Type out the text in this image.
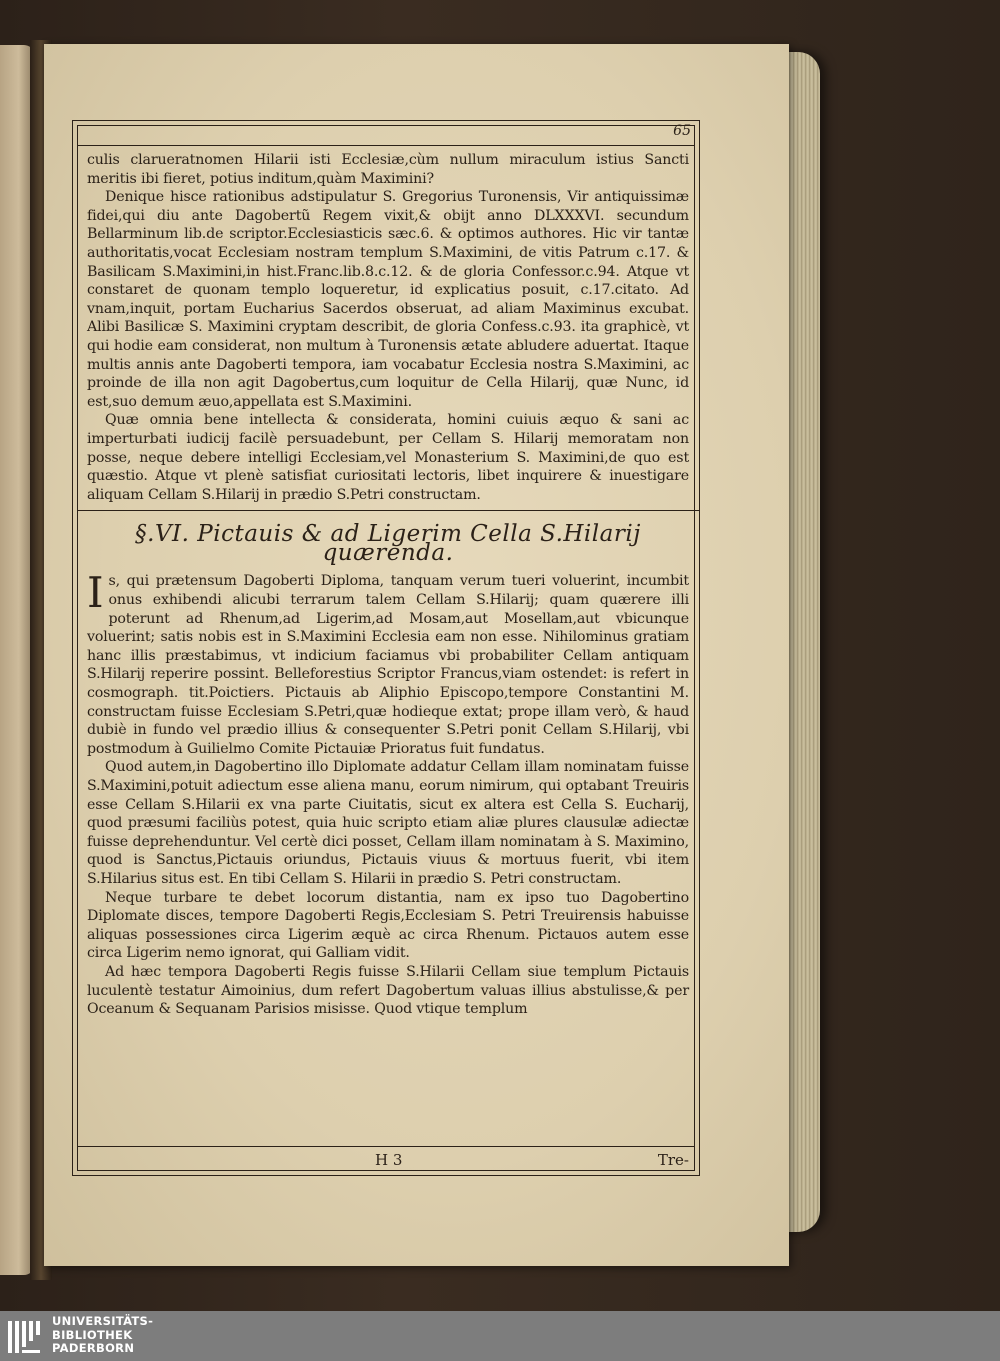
65

culis clarueratnomen Hilarii isti Ecclesiæ,cùm nullum miraculum istius Sancti meritis ibi fieret, potius inditum,quàm Maximini?

Denique hisce rationibus adstipulatur S. Gregorius Turonensis, Vir antiquissimæ fidei,qui diu ante Dagobertũ Regem vixit,& obijt anno DLXXXVI. secundum Bellarminum lib.de scriptor.Ecclesiasticis sæc.6. & optimos authores. Hic vir tantæ authoritatis,vocat Ecclesiam nostram templum S.Maximini, de vitis Patrum c.17. & Basilicam S.Maximini,in hist.Franc.lib.8.c.12. & de gloria Confessor.c.94. Atque vt constaret de quonam templo loqueretur, id explicatius posuit, c.17.citato. Ad vnam,inquit, portam Eucharius Sacerdos obseruat, ad aliam Maximinus excubat. Alibi Basilicæ S. Maximini cryptam describit, de gloria Confess.c.93. ita graphicè, vt qui hodie eam considerat, non multum à Turonensis ætate abludere aduertat. Itaque multis annis ante Dagoberti tempora, iam vocabatur Ecclesia nostra S.Maximini, ac proinde de illa non agit Dagobertus,cum loquitur de Cella Hilarij, quæ Nunc, id est,suo demum æuo,appellata est S.Maximini.

Quæ omnia bene intellecta & considerata, homini cuiuis æquo & sani ac imperturbati iudicij facilè persuadebunt, per Cellam S. Hilarij memoratam non posse, neque debere intelligi Ecclesiam,vel Monasterium S. Maximini,de quo est quæstio. Atque vt plenè satisfiat curiositati lectoris, libet inquirere & inuestigare aliquam Cellam S.Hilarij in prædio S.Petri constructam.

§.VI. Pictauis & ad Ligerim Cella S.Hilarij quærenda.

Is, qui prætensum Dagoberti Diploma, tanquam verum tueri voluerint, incumbit onus exhibendi alicubi terrarum talem Cellam S.Hilarij; quam quærere illi poterunt ad Rhenum,ad Ligerim,ad Mosam,aut Mosellam,aut vbicunque voluerint; satis nobis est in S.Maximini Ecclesia eam non esse. Nihilominus gratiam hanc illis præstabimus, vt indicium faciamus vbi probabiliter Cellam antiquam S.Hilarij reperire possint. Belleforestius Scriptor Francus,viam ostendet: is refert in cosmograph. tit.Poictiers. Pictauis ab Aliphio Episcopo,tempore Constantini M. constructam fuisse Ecclesiam S.Petri,quæ hodieque extat; prope illam verò, & haud dubiè in fundo vel prædio illius & consequenter S.Petri ponit Cellam S.Hilarij, vbi postmodum à Guilielmo Comite Pictauiæ Prioratus fuit fundatus.

Quod autem,in Dagobertino illo Diplomate addatur Cellam illam nominatam fuisse S.Maximini,potuit adiectum esse aliena manu, eorum nimirum, qui optabant Treuiris esse Cellam S.Hilarii ex vna parte Ciuitatis, sicut ex altera est Cella S. Eucharij, quod præsumi faciliùs potest, quia huic scripto etiam aliæ plures clausulæ adiectæ fuisse deprehenduntur. Vel certè dici posset, Cellam illam nominatam à S. Maximino, quod is Sanctus,Pictauis oriundus, Pictauis viuus & mortuus fuerit, vbi item S.Hilarius situs est. En tibi Cellam S. Hilarii in prædio S. Petri constructam.

Neque turbare te debet locorum distantia, nam ex ipso tuo Dagobertino Diplomate disces, tempore Dagoberti Regis,Ecclesiam S. Petri Treuirensis habuisse aliquas possessiones circa Ligerim æquè ac circa Rhenum. Pictauos autem esse circa Ligerim nemo ignorat, qui Galliam vidit.

Ad hæc tempora Dagoberti Regis fuisse S.Hilarii Cellam siue templum Pictauis luculentè testatur Aimoinius, dum refert Dagobertum valuas illius abstulisse,& per Oceanum & Sequanam Parisios misisse. Quod vtique templum

H 3	Tre-
UNIVERSITÄTS-
BIBLIOTHEK
PADERBORN
